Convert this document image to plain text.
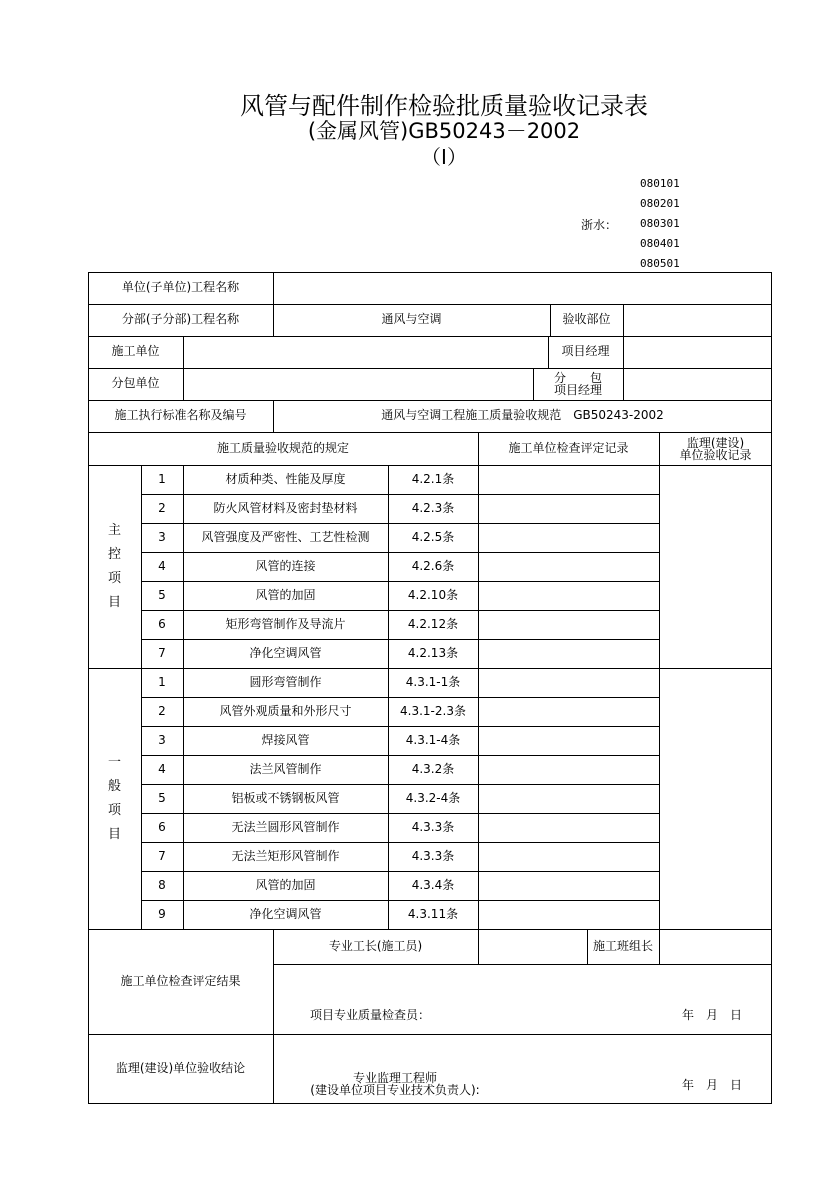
风管与配件制作检验批质量验收记录表
(金属风管)GB50243－2002
（Ⅰ）
080101
080201
浙水： 080301
080401
080501
单位(子单位)工程名称
分部(子分部)工程名称	通风与空调	验收部位
施工单位	项目经理
分包单位	分　　包
项目经理
施工执行标准名称及编号	通风与空调工程施工质量验收规范　GB50243-2002
施工质量验收规范的规定	施工单位检查评定记录	监理(建设)
单位验收记录
主
控
项
目
1	材质种类、性能及厚度	4.2.1条
2	防火风管材料及密封垫材料	4.2.3条
3	风管强度及严密性、工艺性检测	4.2.5条
4	风管的连接	4.2.6条
5	风管的加固	4.2.10条
6	矩形弯管制作及导流片	4.2.12条
7	净化空调风管	4.2.13条
一
般
项
目
1	圆形弯管制作	4.3.1-1条
2	风管外观质量和外形尺寸	4.3.1-2.3条
3	焊接风管	4.3.1-4条
4	法兰风管制作	4.3.2条
5	铝板或不锈钢板风管	4.3.2-4条
6	无法兰圆形风管制作	4.3.3条
7	无法兰矩形风管制作	4.3.3条
8	风管的加固	4.3.4条
9	净化空调风管	4.3.11条
施工单位检查评定结果
专业工长(施工员)	施工班组长
项目专业质量检查员：	年　月　日
监理(建设)单位验收结论
专业监理工程师
(建设单位项目专业技术负责人):	年　月　日
